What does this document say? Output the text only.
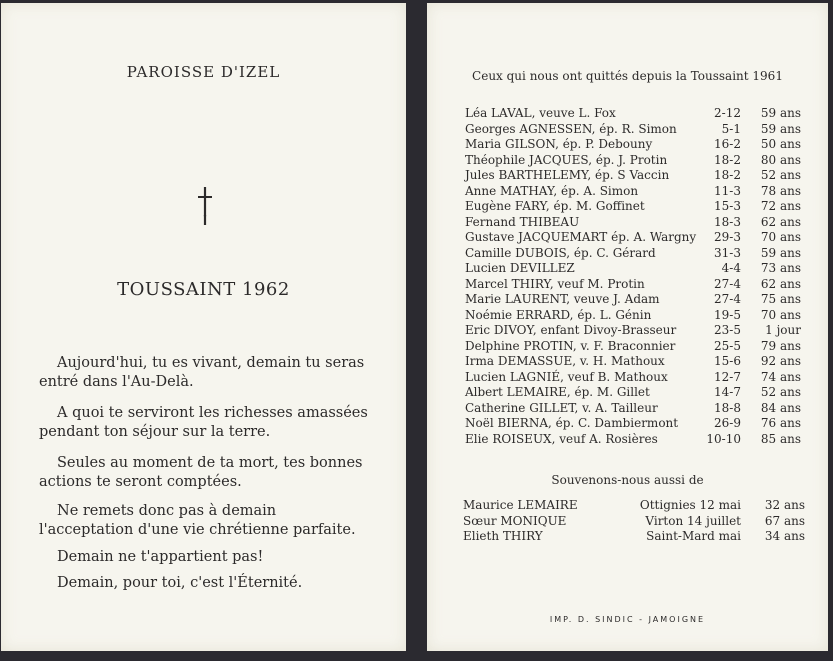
PAROISSE D'IZEL
TOUSSAINT 1962

Aujourd'hui, tu es vivant, demain tu seras entré dans l'Au-Delà.

A quoi te serviront les richesses amassées pendant ton séjour sur la terre.

Seules au moment de ta mort, tes bonnes actions te seront comptées.

Ne remets donc pas à demain l'acceptation d'une vie chrétienne parfaite.

Demain ne t'appartient pas!

Demain, pour toi, c'est l'Éternité.

Ceux qui nous ont quittés depuis la Toussaint 1961
Léa LAVAL, veuve L. Fox	2-12	59 ans
Georges AGNESSEN, ép. R. Simon	5-1	59 ans
Maria GILSON, ép. P. Debouny	16-2	50 ans
Théophile JACQUES, ép. J. Protin	18-2	80 ans
Jules BARTHELEMY, ép. S Vaccin	18-2	52 ans
Anne MATHAY, ép. A. Simon	11-3	78 ans
Eugène FARY, ép. M. Goffinet	15-3	72 ans
Fernand THIBEAU	18-3	62 ans
Gustave JACQUEMART ép. A. Wargny	29-3	70 ans
Camille DUBOIS, ép. C. Gérard	31-3	59 ans
Lucien DEVILLEZ	4-4	73 ans
Marcel THIRY, veuf M. Protin	27-4	62 ans
Marie LAURENT, veuve J. Adam	27-4	75 ans
Noémie ERRARD, ép. L. Génin	19-5	70 ans
Eric DIVOY, enfant Divoy-Brasseur	23-5	1 jour
Delphine PROTIN, v. F. Braconnier	25-5	79 ans
Irma DEMASSUE, v. H. Mathoux	15-6	92 ans
Lucien LAGNIÉ, veuf B. Mathoux	12-7	74 ans
Albert LEMAIRE, ép. M. Gillet	14-7	52 ans
Catherine GILLET, v. A. Tailleur	18-8	84 ans
Noël BIERNA, ép. C. Dambiermont	26-9	76 ans
Elie ROISEUX, veuf A. Rosières	10-10	85 ans
Souvenons-nous aussi de
Maurice LEMAIRE	Ottignies 12 mai	32 ans
Sœur MONIQUE	Virton 14 juillet	67 ans
Elieth THIRY	Saint-Mard mai	34 ans
IMP. D. SINDIC - JAMOIGNE
